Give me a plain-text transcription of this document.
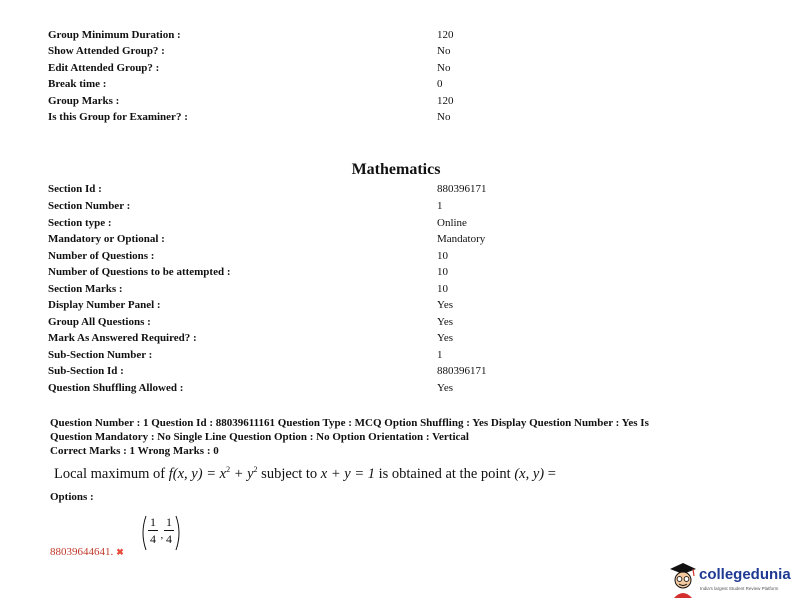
Group Minimum Duration :	120
Show Attended Group? :	No
Edit Attended Group? :	No
Break time :	0
Group Marks :	120
Is this Group for Examiner? :	No
Mathematics
Section Id :	880396171
Section Number :	1
Section type :	Online
Mandatory or Optional :	Mandatory
Number of Questions :	10
Number of Questions to be attempted :	10
Section Marks :	10
Display Number Panel :	Yes
Group All Questions :	Yes
Mark As Answered Required? :	Yes
Sub-Section Number :	1
Sub-Section Id :	880396171
Question Shuffling Allowed :	Yes
Question Number : 1 Question Id : 88039611161 Question Type : MCQ Option Shuffling : Yes Display Question Number : Yes Is
Question Mandatory : No Single Line Question Option : No Option Orientation : Vertical
Correct Marks : 1 Wrong Marks : 0
Local maximum of f(x, $y) = x^2 + y^2$ subject to x + y = 1 is obtained at the point (x, y) =
Options :
,
1
4
1
4
88039644641. ✖
collegedunia
India's largest Student Review Platform
